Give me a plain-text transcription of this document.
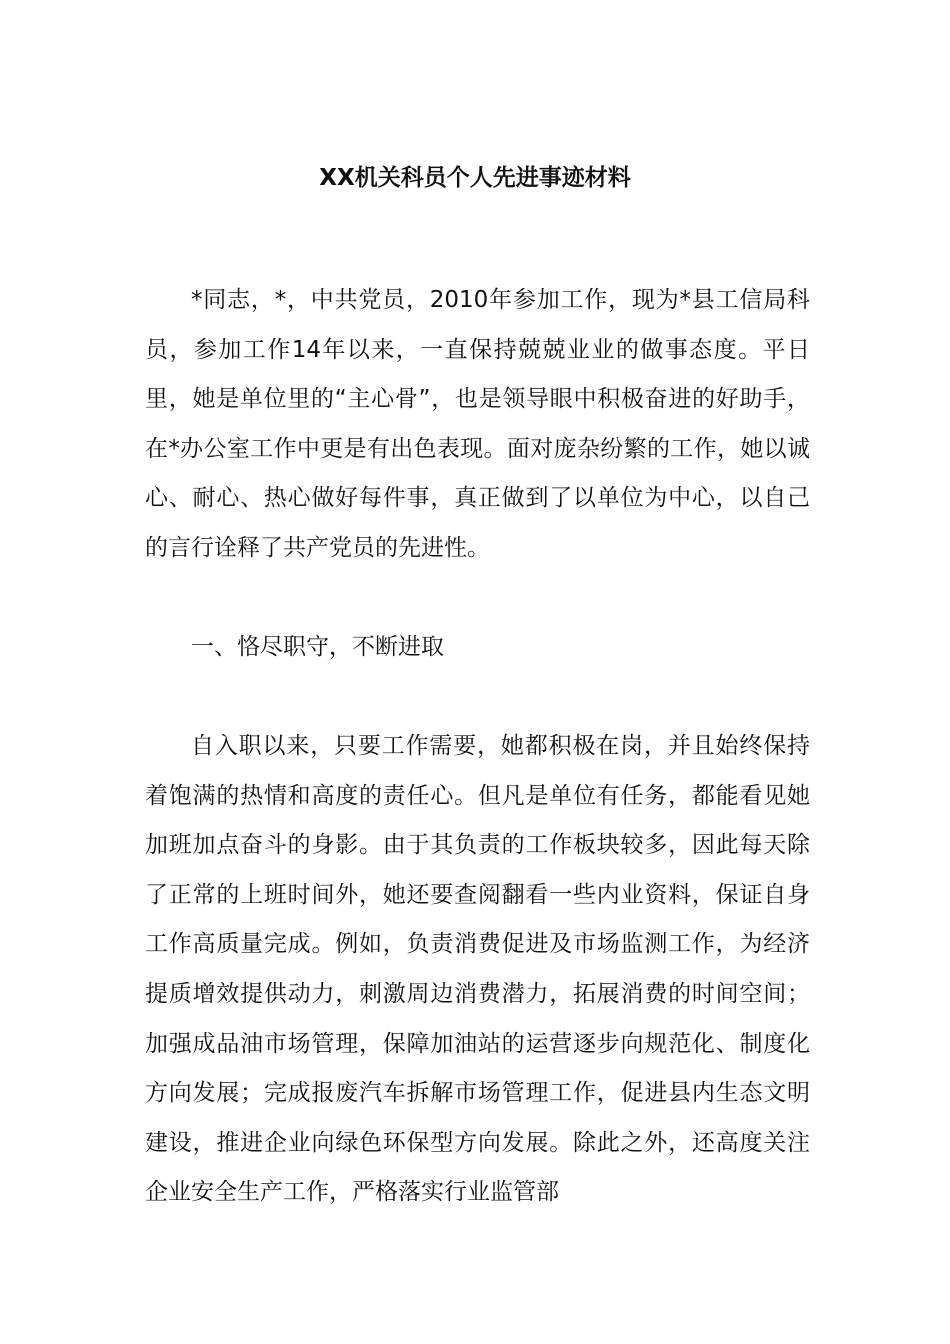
XX机关科员个人先进事迹材料

*同志，*，中共党员，2010年参加工作，现为*县工信局科员，参加工作14年以来，一直保持兢兢业业的做事态度。平日里，她是单位里的“主心骨”，也是领导眼中积极奋进的好助手，在*办公室工作中更是有出色表现。面对庞杂纷繁的工作，她以诚心、耐心、热心做好每件事，真正做到了以单位为中心，以自己的言行诠释了共产党员的先进性。

一、恪尽职守，不断进取

自入职以来，只要工作需要，她都积极在岗，并且始终保持着饱满的热情和高度的责任心。但凡是单位有任务，都能看见她加班加点奋斗的身影。由于其负责的工作板块较多，因此每天除了正常的上班时间外，她还要查阅翻看一些内业资料，保证自身工作高质量完成。例如，负责消费促进及市场监测工作，为经济提质增效提供动力，刺激周边消费潜力，拓展消费的时间空间；加强成品油市场管理，保障加油站的运营逐步向规范化、制度化方向发展；完成报废汽车拆解市场管理工作，促进县内生态文明建设，推进企业向绿色环保型方向发展。除此之外，还高度关注企业安全生产工作，严格落实行业监管部
